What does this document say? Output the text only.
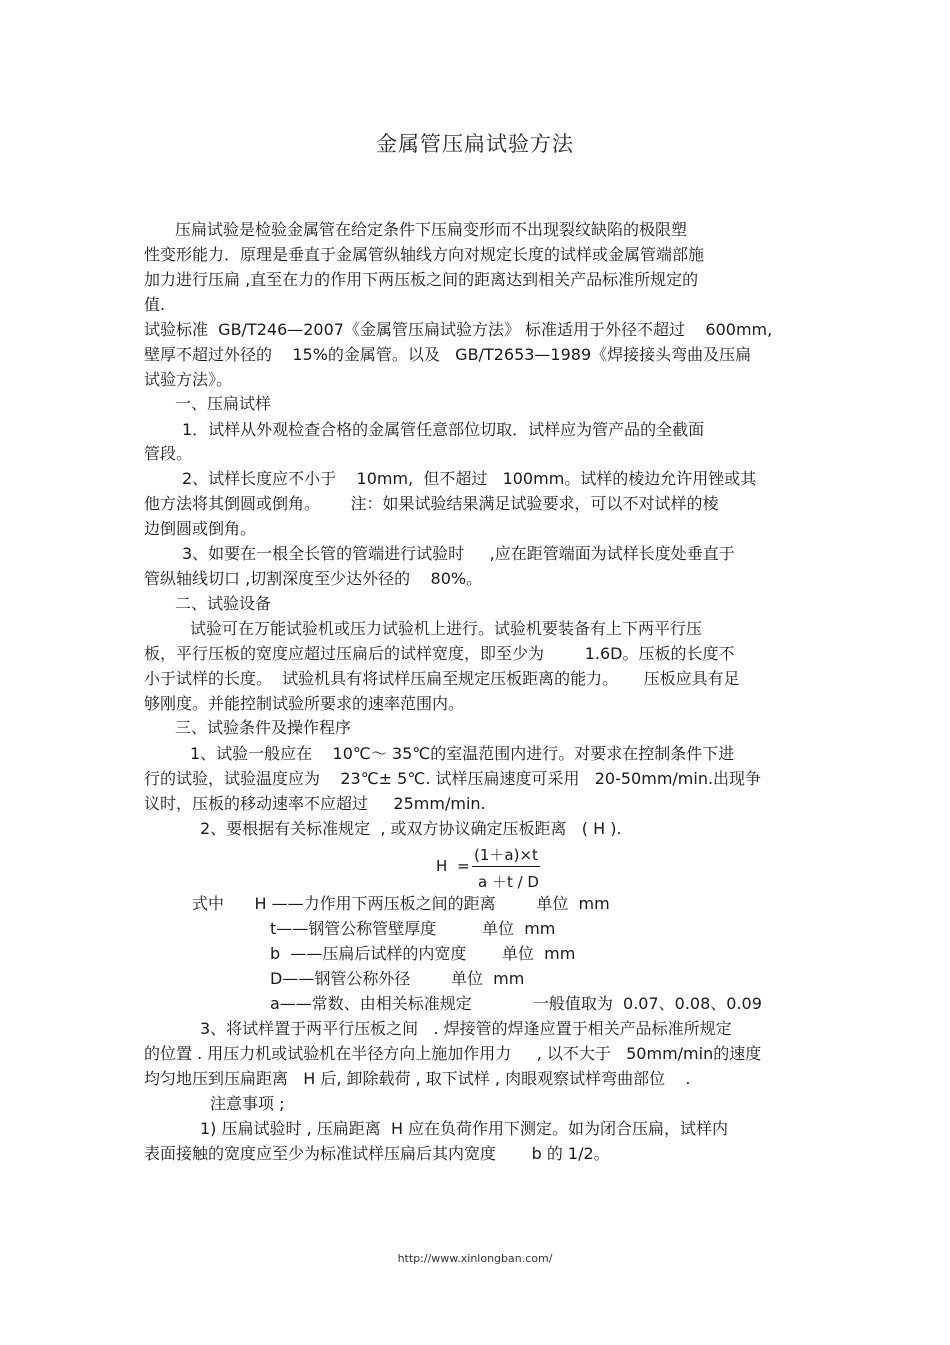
金属管压扁试验方法
压扁试验是检验金属管在给定条件下压扁变形而不出现裂纹缺陷的极限塑
性变形能力．原理是垂直于金属管纵轴线方向对规定长度的试样或金属管端部施
加力进行压扁 ,直至在力的作用下两压板之间的距离达到相关产品标准所规定的
值.
试验标准  GB/T246—2007《金属管压扁试验方法》 标准适用于外径不超过    600mm,
壁厚不超过外径的    15%的金属管。以及   GB/T2653—1989《焊接接头弯曲及压扁
试验方法》。
一、压扁试样
1．试样从外观检查合格的金属管任意部位切取．试样应为管产品的全截面
管段。
2、试样长度应不小于    10mm,  但不超过   100mm。试样的棱边允许用锉或其
他方法将其倒圆或倒角。      注：如果试验结果满足试验要求，可以不对试样的棱
边倒圆或倒角。
3、如要在一根全长管的管端进行试验时     ,应在距管端面为试样长度处垂直于
管纵轴线切口 ,切割深度至少达外径的    80%。
二、试验设备
试验可在万能试验机或压力试验机上进行。试验机要装备有上下两平行压
板，平行压板的宽度应超过压扁后的试样宽度，即至少为        1.6D。压板的长度不
小于试样的长度。  试验机具有将试样压扁至规定压板距离的能力。     压板应具有足
够刚度。并能控制试验所要求的速率范围内。
三、试验条件及操作程序
1、试验一般应在    10℃～ 35℃的室温范围内进行。对要求在控制条件下进
行的试验，试验温度应为    23℃± 5℃. 试样压扁速度可采用   20-50mm/min.出现争
议时，压板的移动速率不应超过     25mm/min.
2、要根据有关标准规定  , 或双方协议确定压板距离   ( H ).
H =
(1＋a)×t
a ＋t / D
式中      H ——力作用下两压板之间的距离        单位  mm
t——钢管公称管壁厚度         单位  mm
b  ——压扁后试样的内宽度       单位  mm
D——钢管公称外径        单位  mm
a——常数、由相关标准规定            一般值取为  0.07、0.08、0.09
3、将试样置于两平行压板之间   . 焊接管的焊逢应置于相关产品标准所规定
的位置 . 用压力机或试验机在半径方向上施加作用力     , 以不大于   50mm/min的速度
均匀地压到压扁距离   H 后, 卸除载荷 , 取下试样 , 肉眼观察试样弯曲部位    .
注意事项 ;
1) 压扁试验时 , 压扁距离  H 应在负荷作用下测定。如为闭合压扁，试样内
表面接触的宽度应至少为标准试样压扁后其内宽度       b 的 1/2。
http://www.xinlongban.com/
